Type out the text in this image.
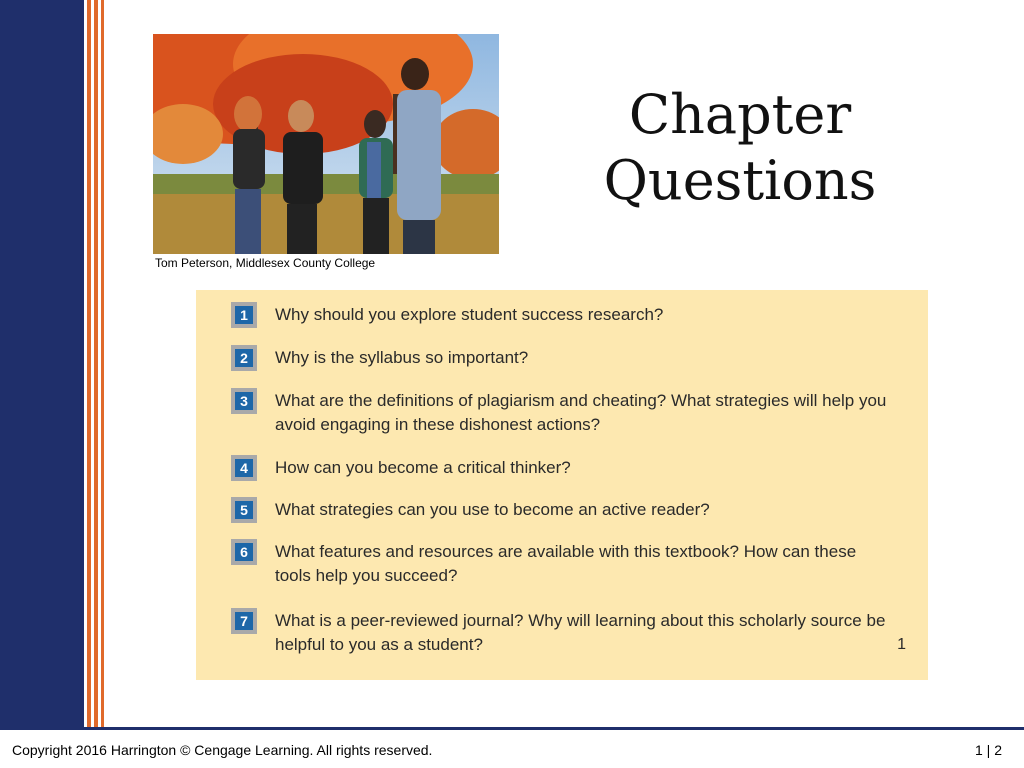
Tom Peterson, Middlesex County College
Chapter
Questions
1	Why should you explore student success research?
2	Why is the syllabus so important?
3	What are the definitions of plagiarism and cheating? What strategies will help you avoid engaging in these dishonest actions?
4	How can you become a critical thinker?
5	What strategies can you use to become an active reader?
6	What features and resources are available with this textbook? How can these tools help you succeed?
7	What is a peer-reviewed journal? Why will learning about this scholarly source be helpful to you as a student?	1
Copyright 2016 Harrington © Cengage Learning. All rights reserved.	1 | 2
